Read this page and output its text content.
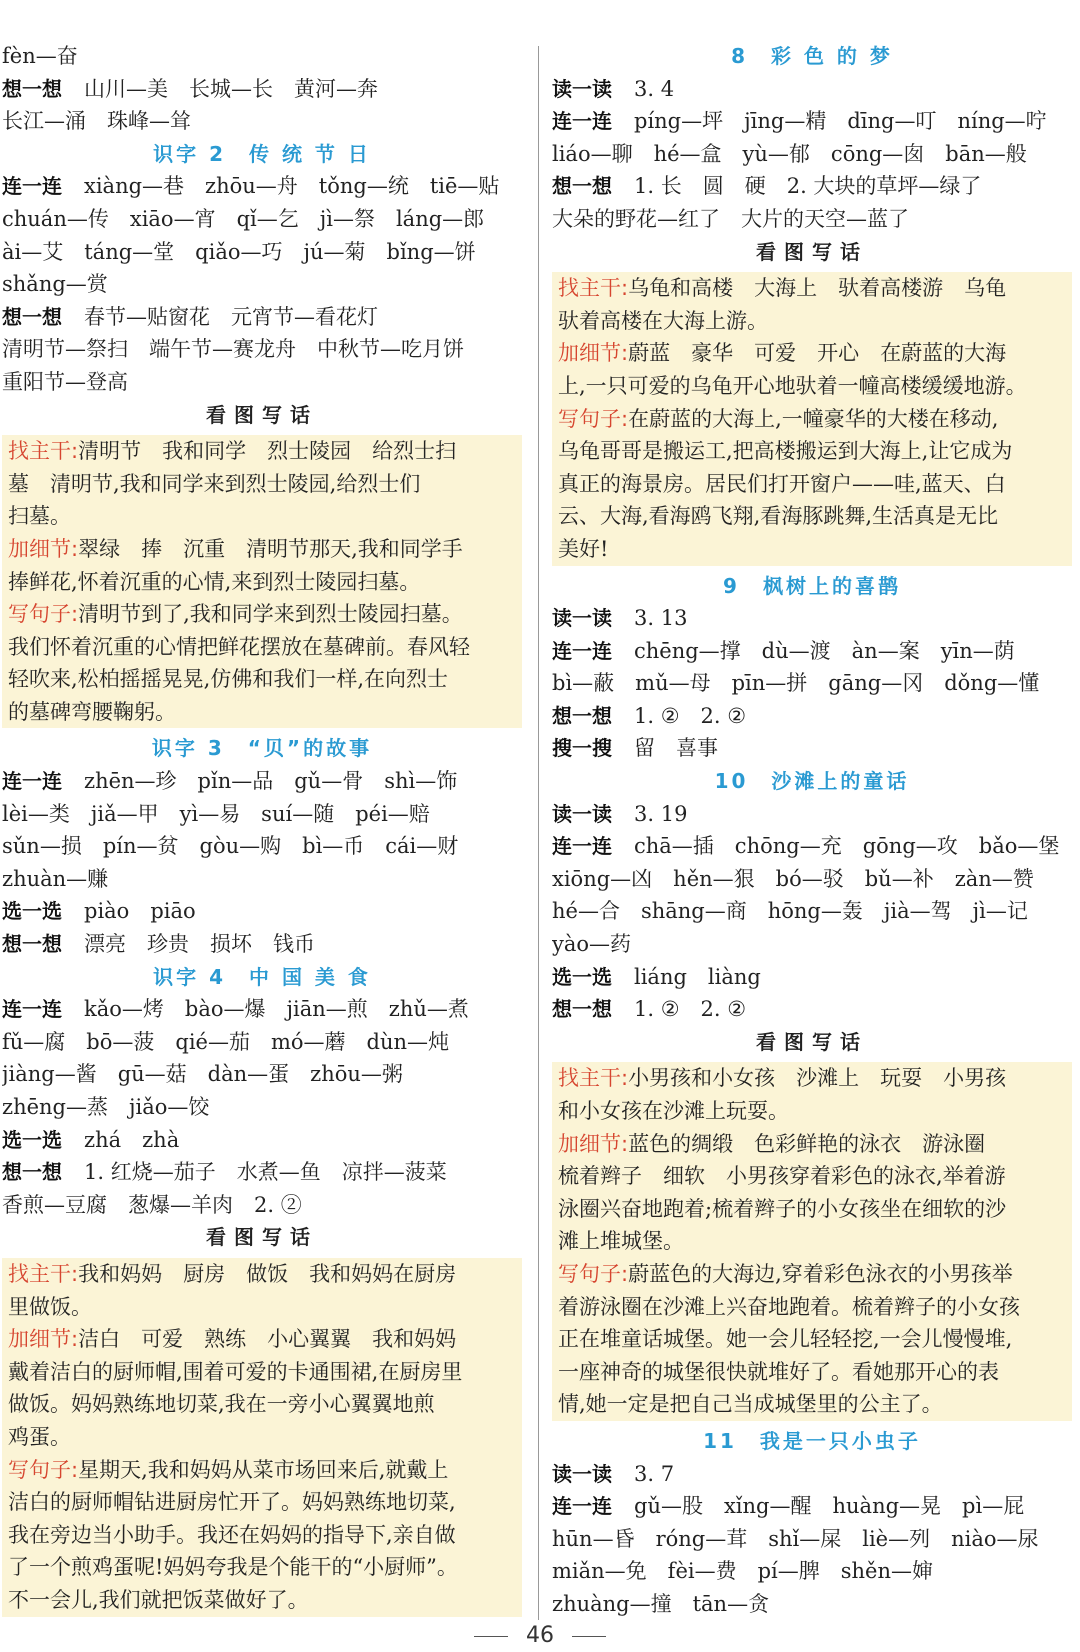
fèn—奋
想一想 山川—美　长城—长　黄河—奔
长江—涌　珠峰—耸
识字 2　传 统 节 日
连一连 xiàng—巷　zhōu—舟　tǒng—统　tiē—贴
chuán—传　xiāo—宵　qǐ—乞　jì—祭　láng—郎
ài—艾　táng—堂　qiǎo—巧　jú—菊　bǐng—饼
shǎng—赏
想一想 春节—贴窗花　元宵节—看花灯
清明节—祭扫　端午节—赛龙舟　中秋节—吃月饼
重阳节—登高
看图写话
找主干:清明节　我和同学　烈士陵园　给烈士扫
墓　清明节,我和同学来到烈士陵园,给烈士们
扫墓。
加细节:翠绿　捧　沉重　清明节那天,我和同学手
捧鲜花,怀着沉重的心情,来到烈士陵园扫墓。
写句子:清明节到了,我和同学来到烈士陵园扫墓。
我们怀着沉重的心情把鲜花摆放在墓碑前。春风轻
轻吹来,松柏摇摇晃晃,仿佛和我们一样,在向烈士
的墓碑弯腰鞠躬。
识字 3　“贝”的故事
连一连 zhēn—珍　pǐn—品　gǔ—骨　shì—饰
lèi—类　jiǎ—甲　yì—易　suí—随　péi—赔
sǔn—损　pín—贫　gòu—购　bì—币　cái—财
zhuàn—赚
选一选 piào　piāo
想一想 漂亮　珍贵　损坏　钱币
识字 4　中 国 美 食
连一连 kǎo—烤　bào—爆　jiān—煎　zhǔ—煮
fǔ—腐　bō—菠　qié—茄　mó—蘑　dùn—炖
jiàng—酱　gū—菇　dàn—蛋　zhōu—粥
zhēng—蒸　jiǎo—饺
选一选 zhá　zhà
想一想 1. 红烧—茄子　水煮—鱼　凉拌—菠菜
香煎—豆腐　葱爆—羊肉　2. ②
看图写话
找主干:我和妈妈　厨房　做饭　我和妈妈在厨房
里做饭。
加细节:洁白　可爱　熟练　小心翼翼　我和妈妈
戴着洁白的厨师帽,围着可爱的卡通围裙,在厨房里
做饭。妈妈熟练地切菜,我在一旁小心翼翼地煎
鸡蛋。
写句子:星期天,我和妈妈从菜市场回来后,就戴上
洁白的厨师帽钻进厨房忙开了。妈妈熟练地切菜,
我在旁边当小助手。我还在妈妈的指导下,亲自做
了一个煎鸡蛋呢!妈妈夸我是个能干的“小厨师”。
不一会儿,我们就把饭菜做好了。
8　彩 色 的 梦
读一读 3. 4
连一连 píng—坪　jīng—精　dīng—叮　níng—咛
liáo—聊　hé—盒　yù—郁　cōng—囱　bān—般
想一想 1. 长　圆　硬　2. 大块的草坪—绿了
大朵的野花—红了　大片的天空—蓝了
看图写话
找主干:乌龟和高楼　大海上　驮着高楼游　乌龟
驮着高楼在大海上游。
加细节:蔚蓝　豪华　可爱　开心　在蔚蓝的大海
上,一只可爱的乌龟开心地驮着一幢高楼缓缓地游。
写句子:在蔚蓝的大海上,一幢豪华的大楼在移动,
乌龟哥哥是搬运工,把高楼搬运到大海上,让它成为
真正的海景房。居民们打开窗户——哇,蓝天、白
云、大海,看海鸥飞翔,看海豚跳舞,生活真是无比
美好!
9　枫树上的喜鹊
读一读 3. 13
连一连 chēng—撑　dù—渡　àn—案　yīn—荫
bì—蔽　mǔ—母　pīn—拼　gāng—冈　dǒng—懂
想一想 1. ②　2. ②
搜一搜 留　喜事
10　沙滩上的童话
读一读 3. 19
连一连 chā—插　chōng—充　gōng—攻　bǎo—堡
xiōng—凶　hěn—狠　bó—驳　bǔ—补　zàn—赞
hé—合　shāng—商　hōng—轰　jià—驾　jì—记
yào—药
选一选 liáng　liàng
想一想 1. ②　2. ②
看图写话
找主干:小男孩和小女孩　沙滩上　玩耍　小男孩
和小女孩在沙滩上玩耍。
加细节:蓝色的绸缎　色彩鲜艳的泳衣　游泳圈
梳着辫子　细软　小男孩穿着彩色的泳衣,举着游
泳圈兴奋地跑着;梳着辫子的小女孩坐在细软的沙
滩上堆城堡。
写句子:蔚蓝色的大海边,穿着彩色泳衣的小男孩举
着游泳圈在沙滩上兴奋地跑着。梳着辫子的小女孩
正在堆童话城堡。她一会儿轻轻挖,一会儿慢慢堆,
一座神奇的城堡很快就堆好了。看她那开心的表
情,她一定是把自己当成城堡里的公主了。
11　我是一只小虫子
读一读 3. 7
连一连 gǔ—股　xǐng—醒　huàng—晃　pì—屁
hūn—昏　róng—茸　shǐ—屎　liè—列　niào—尿
miǎn—免　fèi—费　pí—脾　shěn—婶
zhuàng—撞　tān—贪
46
